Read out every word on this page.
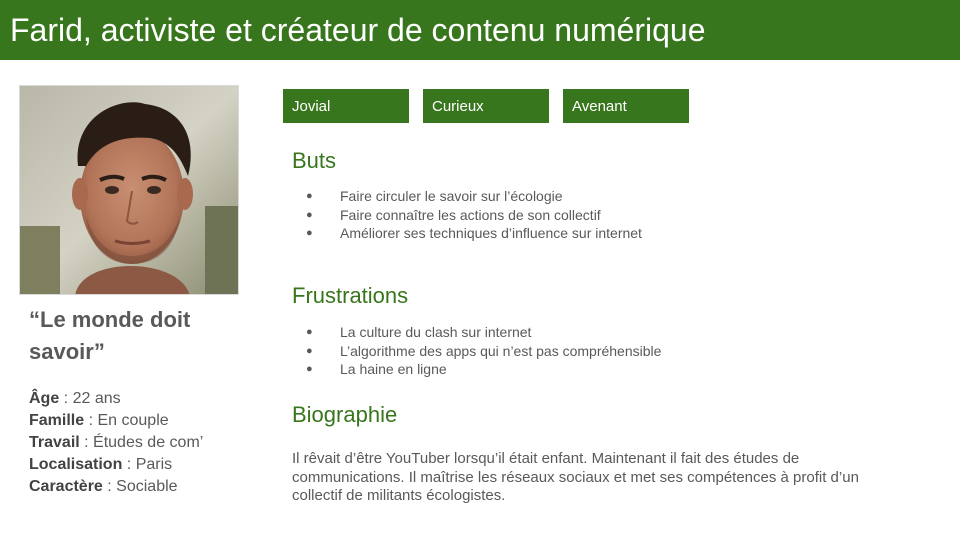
Farid, activiste et créateur de contenu numérique
“Le monde doit savoir”
Âge : 22 ans
Famille : En couple
Travail : Études de com’
Localisation : Paris
Caractère : Sociable
Jovial	Curieux	Avenant
Buts
● Faire circuler le savoir sur l’écologie
● Faire connaître les actions de son collectif
● Améliorer ses techniques d’influence sur internet
Frustrations
● La culture du clash sur internet
● L’algorithme des apps qui n’est pas compréhensible
● La haine en ligne
Biographie
Il rêvait d’être YouTuber lorsqu’il était enfant. Maintenant il fait des études de communications. Il maîtrise les réseaux sociaux et met ses compétences à profit d’un collectif de militants écologistes.
